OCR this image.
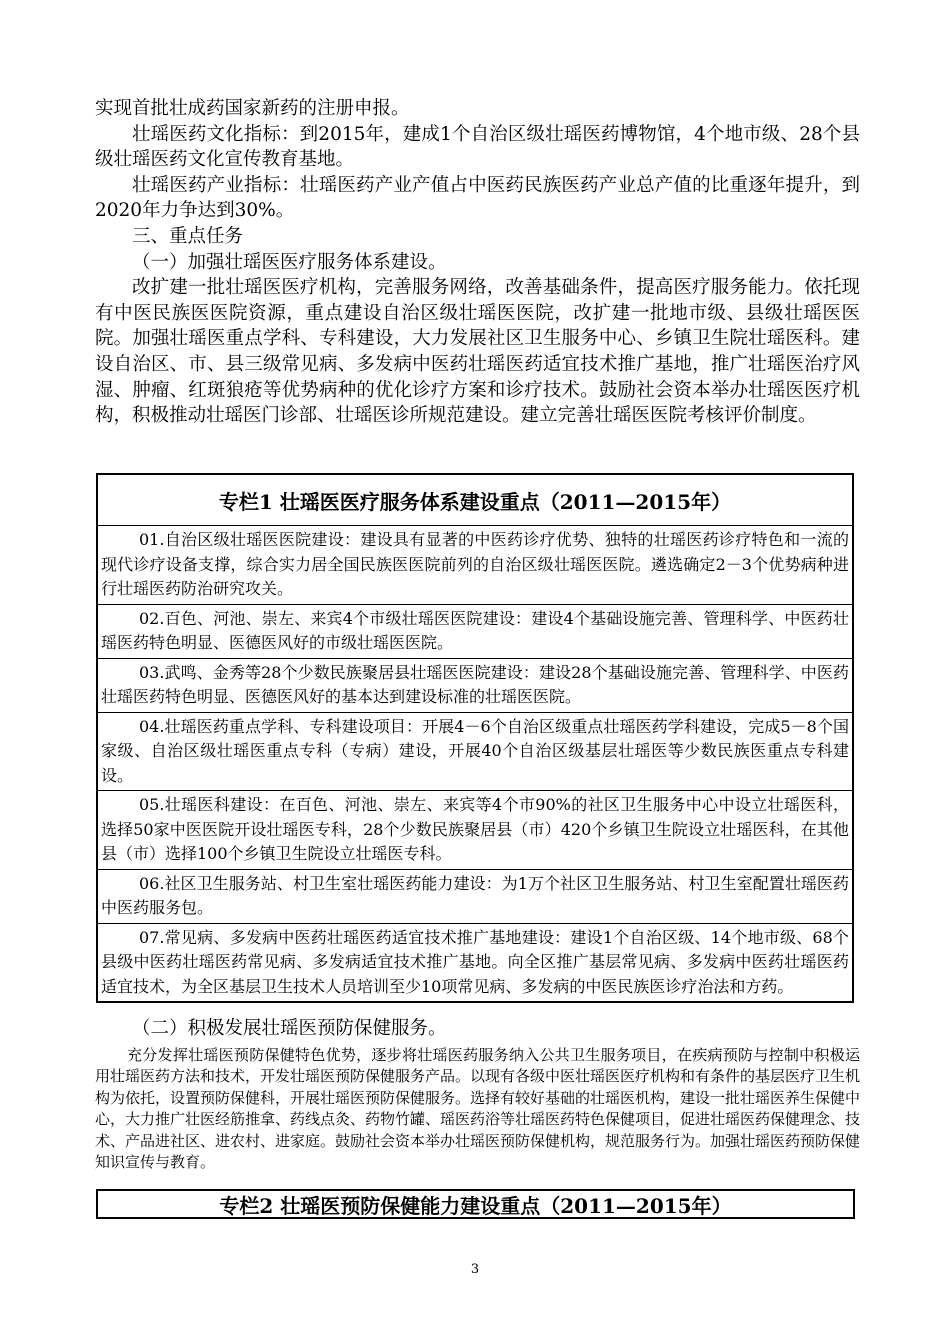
实现首批壮成药国家新药的注册申报。

壮瑶医药文化指标：到2015年，建成1个自治区级壮瑶医药博物馆，4个地市级、28个县级壮瑶医药文化宣传教育基地。

壮瑶医药产业指标：壮瑶医药产业产值占中医药民族医药产业总产值的比重逐年提升，到2020年力争达到30%。

三、重点任务

（一）加强壮瑶医医疗服务体系建设。

改扩建一批壮瑶医医疗机构，完善服务网络，改善基础条件，提高医疗服务能力。依托现有中医民族医医院资源，重点建设自治区级壮瑶医医院，改扩建一批地市级、县级壮瑶医医院。加强壮瑶医重点学科、专科建设，大力发展社区卫生服务中心、乡镇卫生院壮瑶医科。建设自治区、市、县三级常见病、多发病中医药壮瑶医药适宜技术推广基地，推广壮瑶医治疗风湿、肿瘤、红斑狼疮等优势病种的优化诊疗方案和诊疗技术。鼓励社会资本举办壮瑶医医疗机构，积极推动壮瑶医门诊部、壮瑶医诊所规范建设。建立完善壮瑶医医院考核评价制度。

专栏1 壮瑶医医疗服务体系建设重点（2011—2015年）

01.自治区级壮瑶医医院建设：建设具有显著的中医药诊疗优势、独特的壮瑶医药诊疗特色和一流的现代诊疗设备支撑，综合实力居全国民族医医院前列的自治区级壮瑶医医院。遴选确定2－3个优势病种进行壮瑶医药防治研究攻关。

02.百色、河池、崇左、来宾4个市级壮瑶医医院建设：建设4个基础设施完善、管理科学、中医药壮瑶医药特色明显、医德医风好的市级壮瑶医医院。

03.武鸣、金秀等28个少数民族聚居县壮瑶医医院建设：建设28个基础设施完善、管理科学、中医药壮瑶医药特色明显、医德医风好的基本达到建设标准的壮瑶医医院。

04.壮瑶医药重点学科、专科建设项目：开展4－6个自治区级重点壮瑶医药学科建设，完成5－8个国家级、自治区级壮瑶医重点专科（专病）建设，开展40个自治区级基层壮瑶医等少数民族医重点专科建设。

05.壮瑶医科建设：在百色、河池、崇左、来宾等4个市90%的社区卫生服务中心中设立壮瑶医科，选择50家中医医院开设壮瑶医专科，28个少数民族聚居县（市）420个乡镇卫生院设立壮瑶医科，在其他县（市）选择100个乡镇卫生院设立壮瑶医专科。

06.社区卫生服务站、村卫生室壮瑶医药能力建设：为1万个社区卫生服务站、村卫生室配置壮瑶医药中医药服务包。

07.常见病、多发病中医药壮瑶医药适宜技术推广基地建设：建设1个自治区级、14个地市级、68个县级中医药壮瑶医药常见病、多发病适宜技术推广基地。向全区推广基层常见病、多发病中医药壮瑶医药适宜技术，为全区基层卫生技术人员培训至少10项常见病、多发病的中医民族医诊疗治法和方药。

（二）积极发展壮瑶医预防保健服务。

充分发挥壮瑶医预防保健特色优势，逐步将壮瑶医药服务纳入公共卫生服务项目，在疾病预防与控制中积极运用壮瑶医药方法和技术，开发壮瑶医预防保健服务产品。以现有各级中医壮瑶医医疗机构和有条件的基层医疗卫生机构为依托，设置预防保健科，开展壮瑶医预防保健服务。选择有较好基础的壮瑶医机构，建设一批壮瑶医养生保健中心，大力推广壮医经筋推拿、药线点灸、药物竹罐、瑶医药浴等壮瑶医药特色保健项目，促进壮瑶医药保健理念、技术、产品进社区、进农村、进家庭。鼓励社会资本举办壮瑶医预防保健机构，规范服务行为。加强壮瑶医药预防保健知识宣传与教育。

专栏2 壮瑶医预防保健能力建设重点（2011—2015年）
3
